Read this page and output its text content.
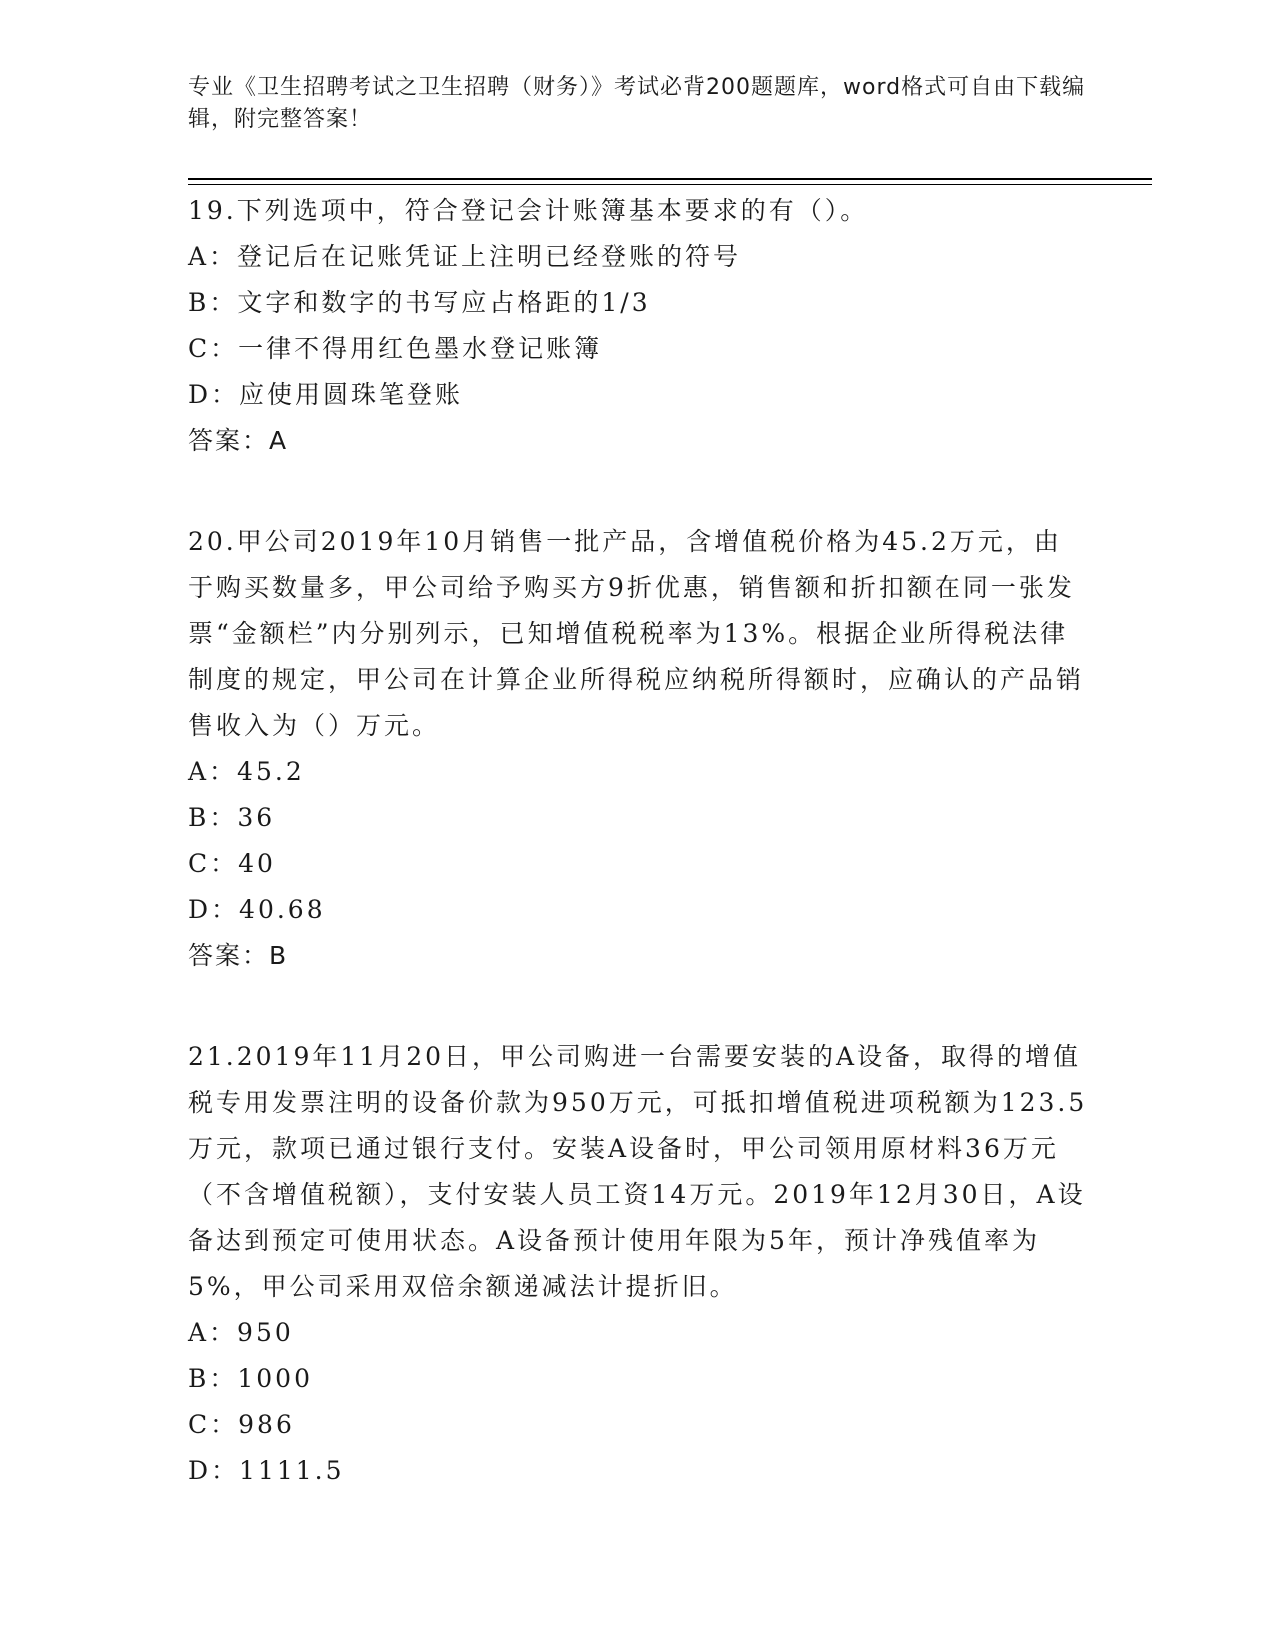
专业《卫生招聘考试之卫生招聘（财务）》考试必背200题题库，word格式可自由下载编辑，附完整答案！
19.下列选项中，符合登记会计账簿基本要求的有（）。
A：登记后在记账凭证上注明已经登账的符号
B：文字和数字的书写应占格距的1/3
C：一律不得用红色墨水登记账簿
D：应使用圆珠笔登账
答案：A
20.甲公司2019年10月销售一批产品，含增值税价格为45.2万元，由于购买数量多，甲公司给予购买方9折优惠，销售额和折扣额在同一张发票“金额栏”内分别列示，已知增值税税率为13%。根据企业所得税法律制度的规定，甲公司在计算企业所得税应纳税所得额时，应确认的产品销售收入为（）万元。
A：45.2
B：36
C：40
D：40.68
答案：B
21.2019年11月20日，甲公司购进一台需要安装的A设备，取得的增值税专用发票注明的设备价款为950万元，可抵扣增值税进项税额为123.5万元，款项已通过银行支付。安装A设备时，甲公司领用原材料36万元（不含增值税额），支付安装人员工资14万元。2019年12月30日，A设备达到预定可使用状态。A设备预计使用年限为5年，预计净残值率为5%，甲公司采用双倍余额递减法计提折旧。
A：950
B：1000
C：986
D：1111.5
